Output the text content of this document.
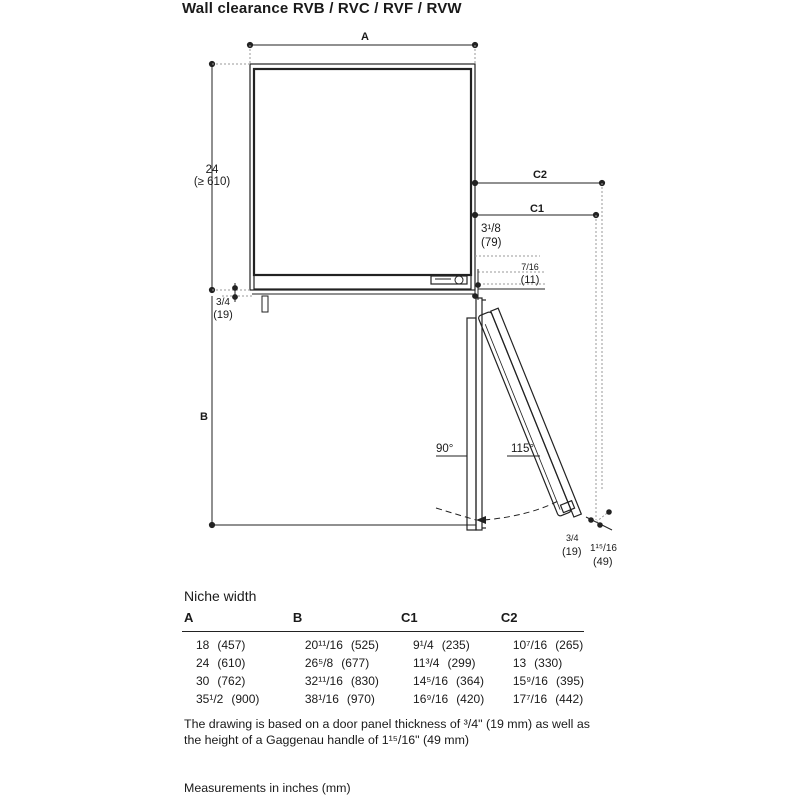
Wall clearance RVB / RVC / RVF / RVW
A
24
(≥ 610)
3/4
(19)
B
C2
C1
3¹/8
(79)
7/16
(11)
90°	115°
3/4
(19) 1¹⁵/16
(49)
Niche width
A	B	C1	C2

18 (457)	20¹¹/16 (525)	9¹/4 (235)	10⁷/16 (265)
24 (610)	26⁵/8 (677)	11³/4 (299)	13 (330)
30 (762)	32¹¹/16 (830)	14⁵/16 (364)	15⁹/16 (395)
35¹/2 (900)	38¹/16 (970)	16⁹/16 (420)	17⁷/16 (442)
The drawing is based on a door panel thickness of ³/4" (19 mm) as well as
the height of a Gaggenau handle of 1¹⁵/16" (49 mm)
Measurements in inches (mm)
